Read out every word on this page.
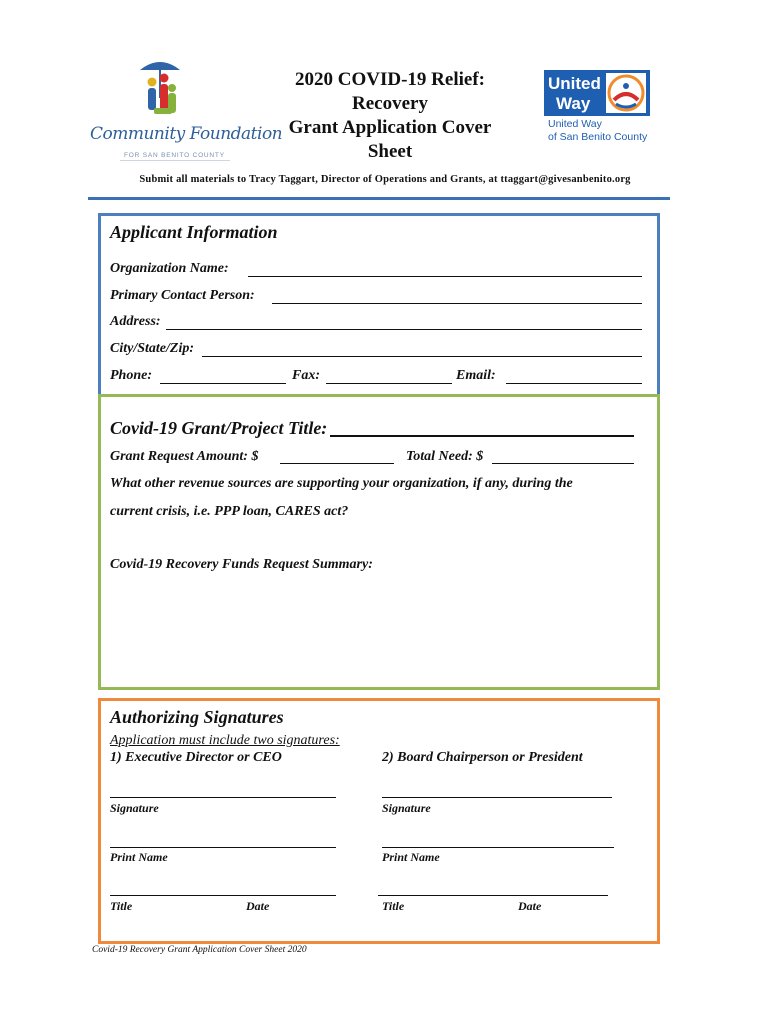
Community Foundation
FOR SAN BENITO COUNTY
2020 COVID-19 Relief:
Recovery
Grant Application Cover
Sheet
United
Way
United Way
of San Benito County
Submit all materials to Tracy Taggart, Director of Operations and Grants, at ttaggart@givesanbenito.org
Applicant Information
Organization Name:
Primary Contact Person:
Address:
City/State/Zip:
Phone:	Fax:	Email:
Covid-19 Grant/Project Title:
Grant Request Amount: $	Total Need: $
What other revenue sources are supporting your organization, if any, during the
current crisis, i.e. PPP loan, CARES act?
Covid-19 Recovery Funds Request Summary:
Authorizing Signatures
Application must include two signatures:
1) Executive Director or CEO	2) Board Chairperson or President
Signature	Signature
Print Name	Print Name
Title	Date	Title	Date
Covid-19 Recovery Grant Application Cover Sheet 2020
